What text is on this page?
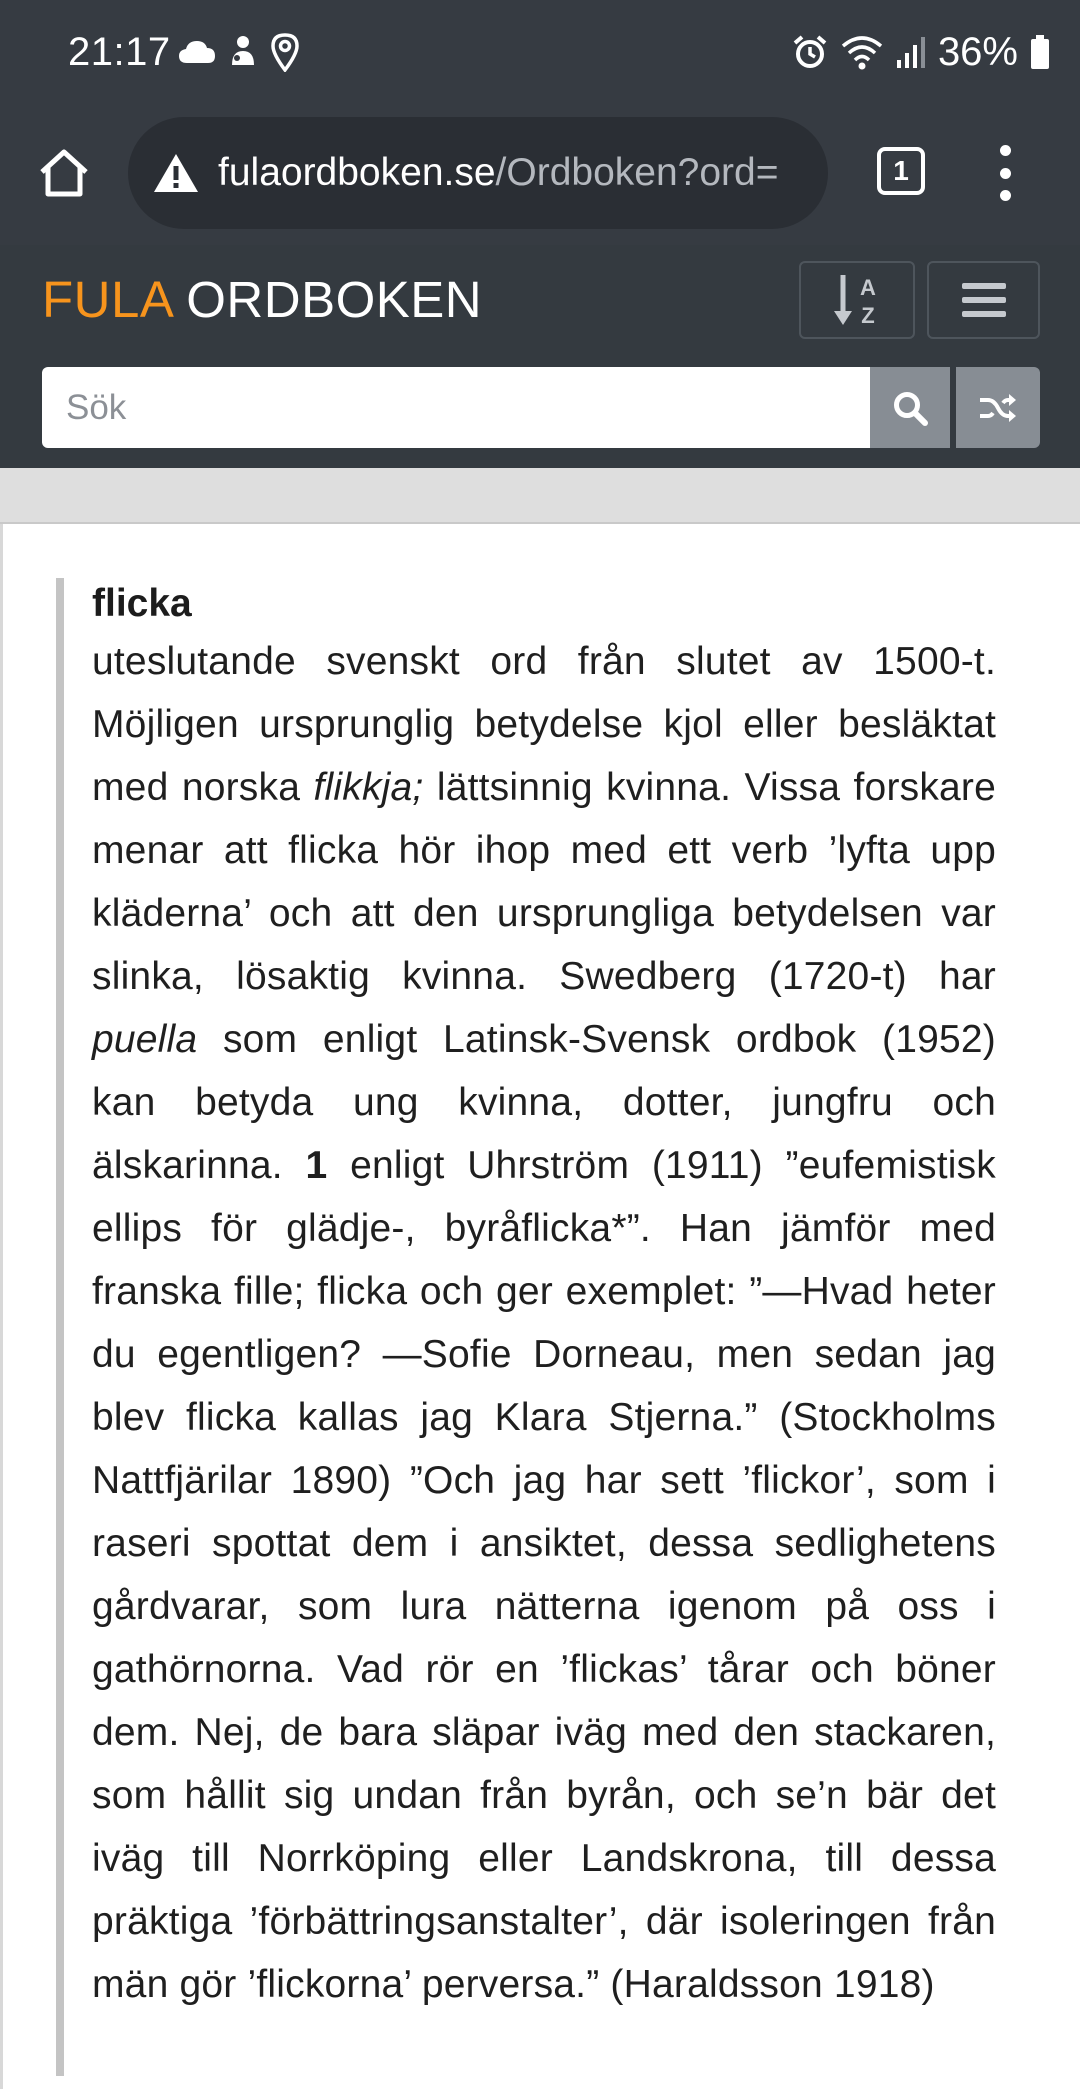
21:17	36%
fulaordboken.se/Ordboken?ord=	1
FULA ORDBOKEN	A
Z
Sök
flicka

uteslutande svenskt ord från slutet av 1500-t. Möjligen ursprunglig betydelse kjol eller besläktat med norska flikkja; lättsinnig kvinna. Vissa forskare menar att flicka hör ihop med ett verb ’lyfta upp kläderna’ och att den ursprungliga betydelsen var slinka, lösaktig kvinna. Swedberg (1720-t) har puella som enligt Latinsk-Svensk ordbok (1952) kan betyda ung kvinna, dotter, jungfru och älskarinna. 1 enligt Uhrström (1911) ”eufemistisk ellips för glädje-, byråflicka*”. Han jämför med franska fille; flicka och ger exemplet: ”—Hvad heter du egentligen? —Sofie Dorneau, men sedan jag blev flicka kallas jag Klara Stjerna.” (Stockholms Nattfjärilar 1890) ”Och jag har sett ’flickor’, som i raseri spottat dem i ansiktet, dessa sedlighetens gårdvarar, som lura nätterna igenom på oss i gathörnorna. Vad rör en ’flickas’ tårar och böner dem. Nej, de bara släpar iväg med den stackaren, som hållit sig undan från byrån, och se’n bär det iväg till Norrköping eller Landskrona, till dessa präktiga ’förbättringsanstalter’, där isoleringen från män gör ’flickorna’ perversa.” (Haraldsson 1918)
